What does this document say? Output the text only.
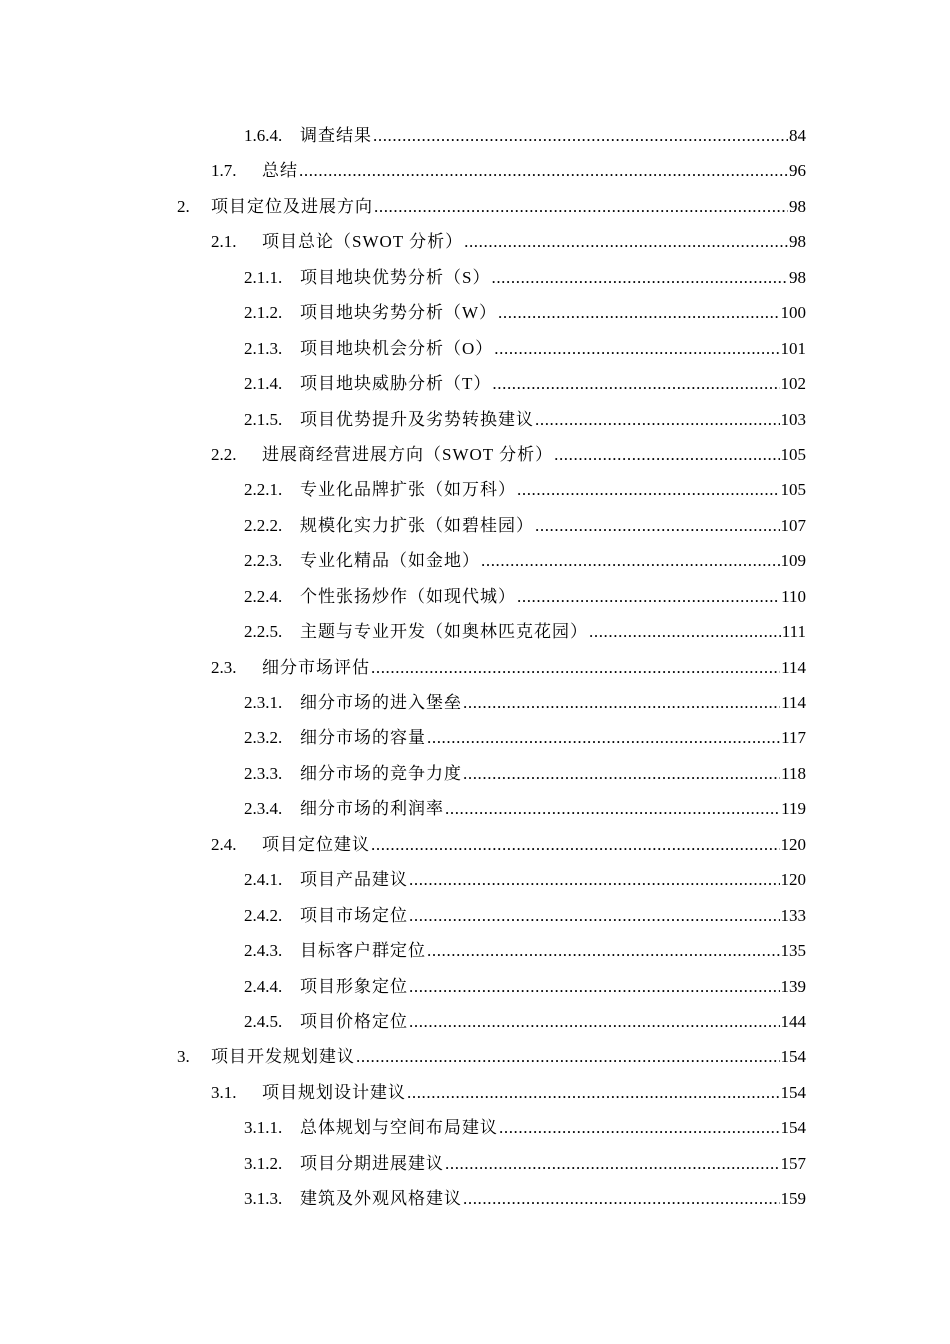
1.6.4. 调查结果 .....	84
1.7. 总结 .....	96
2. 项目定位及进展方向 .....	98
2.1. 项目总论（SWOT 分析） .....	98
2.1.1. 项目地块优势分析（S） .....	98
2.1.2. 项目地块劣势分析（W） .....	100
2.1.3. 项目地块机会分析（O） .....	101
2.1.4. 项目地块威胁分析（T） .....	102
2.1.5. 项目优势提升及劣势转换建议 .....	103
2.2. 进展商经营进展方向（SWOT 分析） .....	105
2.2.1. 专业化品牌扩张（如万科） .....	105
2.2.2. 规模化实力扩张（如碧桂园） .....	107
2.2.3. 专业化精品（如金地） .....	109
2.2.4. 个性张扬炒作（如现代城） .....	110
2.2.5. 主题与专业开发（如奥林匹克花园） .....	111
2.3. 细分市场评估 .....	114
2.3.1. 细分市场的进入堡垒 .....	114
2.3.2. 细分市场的容量 .....	117
2.3.3. 细分市场的竞争力度 .....	118
2.3.4. 细分市场的利润率 .....	119
2.4. 项目定位建议 .....	120
2.4.1. 项目产品建议 .....	120
2.4.2. 项目市场定位 .....	133
2.4.3. 目标客户群定位 .....	135
2.4.4. 项目形象定位 .....	139
2.4.5. 项目价格定位 .....	144
3. 项目开发规划建议 .....	154
3.1. 项目规划设计建议 .....	154
3.1.1. 总体规划与空间布局建议 .....	154
3.1.2. 项目分期进展建议 .....	157
3.1.3. 建筑及外观风格建议 .....	159
